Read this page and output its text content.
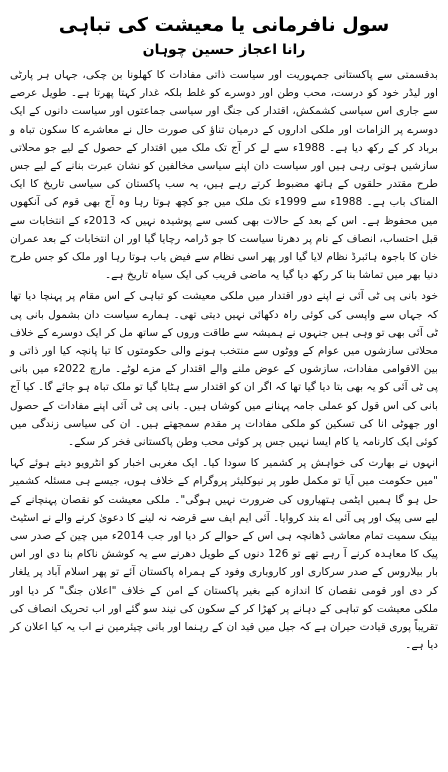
سول نافرمانی یا معیشت کی تباہی
رانا اعجاز حسین چوہان

بدقسمتی سے پاکستانی جمہوریت اور سیاست ذاتی مفادات کا کھلونا بن چکی، جہاں ہر پارٹی اور لیڈر خود کو درست، محب وطن اور دوسرے کو غلط بلکہ غدار کہتا پھرتا ہے۔ طویل عرصے سے جاری اس سیاسی کشمکش، اقتدار کی جنگ اور سیاسی جماعتوں اور سیاست دانوں کے ایک دوسرے پر الزامات اور ملکی اداروں کے درمیان تناؤ کی صورت حال نے معاشرے کا سکون تباہ و برباد کر کے رکھ دیا ہے۔ 1988ء سے لے کر آج تک ملک میں اقتدار کے حصول کے لیے جو محلاتی سازشیں ہوتی رہی ہیں اور سیاست دان اپنے سیاسی مخالفین کو نشان عبرت بنانے کے لیے جس طرح مقتدر حلقوں کے ہاتھ مضبوط کرتے رہے ہیں، یہ سب پاکستان کی سیاسی تاریخ کا ایک المناک باب ہے۔ 1988ء سے 1999ء تک ملک میں جو کچھ ہوتا رہا وہ آج بھی قوم کی آنکھوں میں محفوظ ہے۔ اس کے بعد کے حالات بھی کسی سے پوشیدہ نہیں کہ 2013ء کے انتخابات سے قبل احتساب، انصاف کے نام پر دھرنا سیاست کا جو ڈرامہ رچایا گیا اور ان انتخابات کے بعد عمران خان کا باجوہ ہائبرڈ نظام لایا گیا اور پھر اسی نظام سے فیض یاب ہوتا رہا اور ملک کو جس طرح دنیا بھر میں تماشا بنا کر رکھ دیا گیا یہ ماضی قریب کی ایک سیاہ تاریخ ہے۔

خود بانی پی ٹی آئی نے اپنے دور اقتدار میں ملکی معیشت کو تباہی کے اس مقام پر پہنچا دیا تھا کہ جہاں سے واپسی کی کوئی راہ دکھائی نہیں دیتی تھی۔ ہمارے سیاست دان بشمول بانی پی ٹی آئی بھی تو وہی ہیں جنہوں نے ہمیشہ سے طاقت وروں کے ساتھ مل کر ایک دوسرے کے خلاف محلاتی سازشوں میں عوام کے ووٹوں سے منتخب ہونے والی حکومتوں کا تیا پانچہ کیا اور ذاتی و بین الاقوامی مفادات، سازشوں کے عوض ملنے والے اقتدار کے مزے لوٹے۔ مارچ 2022ء میں بانی پی ٹی آئی کو یہ بھی بتا دیا گیا تھا کہ اگر ان کو اقتدار سے ہٹایا گیا تو ملک تباہ ہو جائے گا۔ کیا آج بانی کی اس قول کو عملی جامہ پہنانے میں کوشاں ہیں۔ بانی پی ٹی آئی اپنے مفادات کے حصول اور جھوٹی انا کی تسکین کو ملکی مفادات پر مقدم سمجھتے ہیں۔ ان کی سیاسی زندگی میں کوئی ایک کارنامہ یا کام ایسا نہیں جس پر کوئی محب وطن پاکستانی فخر کر سکے۔

انہوں نے بھارت کی خواہش پر کشمیر کا سودا کیا۔ ایک مغربی اخبار کو انٹرویو دیتے ہوئے کہا "میں حکومت میں آیا تو مکمل طور پر نیوکلیئر پروگرام کے خلاف ہوں، جیسے ہی مسئلہ کشمیر حل ہو گا ہمیں ایٹمی ہتھیاروں کی ضرورت نہیں ہوگی"۔ ملکی معیشت کو نقصان پہنچانے کے لیے سی پیک اور پی آئی اے بند کروایا۔ آئی ایم ایف سے قرضہ نہ لینے کا دعویٰ کرنے والے نے اسٹیٹ بینک سمیت تمام معاشی ڈھانچہ ہی اس کے حوالے کر دیا اور جب 2014ء میں چین کے صدر سی پیک کا معاہدہ کرنے آ رہے تھے تو 126 دنوں کے طویل دھرنے سے یہ کوشش ناکام بنا دی اور اس بار بیلاروس کے صدر سرکاری اور کاروباری وفود کے ہمراہ پاکستان آئے تو پھر اسلام آباد پر یلغار کر دی اور قومی نقصان کا اندازہ کیے بغیر پاکستان کے امن کے خلاف "اعلان جنگ" کر دیا اور ملکی معیشت کو تباہی کے دہانے پر کھڑا کر کے سکون کی نیند سو گئے اور اب تحریک انصاف کی تقریباً پوری قیادت حیران ہے کہ جیل میں قید ان کے رہنما اور بانی چیئرمین نے اب یہ کیا اعلان کر دیا ہے۔
